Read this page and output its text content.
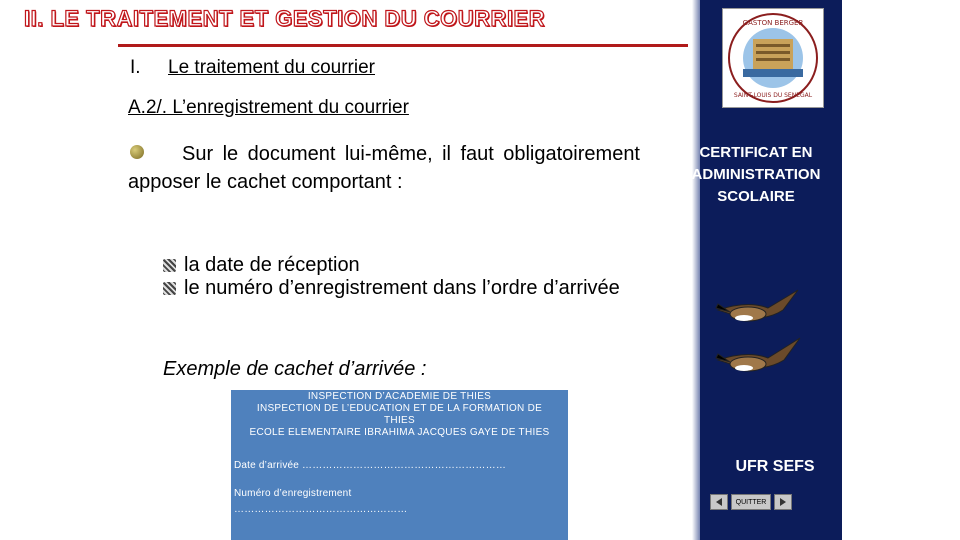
II. LE TRAITEMENT ET GESTION DU COURRIER
I. Le traitement du courrier
A.2/. L’enregistrement du courrier
Sur le document lui-même, il faut obligatoirement apposer le cachet comportant :
la date de réception
le numéro d’enregistrement dans l’ordre d’arrivée
Exemple de cachet d’arrivée :
INSPECTION D’ACADEMIE DE THIES
INSPECTION DE L’EDUCATION ET DE LA FORMATION DE THIES
ECOLE ELEMENTAIRE IBRAHIMA JACQUES GAYE DE THIES
Date d’arrivée ……………………………………………………
Numéro d’enregistrement
……………………………………………
GASTON BERGER
SAINT-LOUIS DU SENEGAL
CERTIFICAT EN ADMINISTRATION SCOLAIRE
UFR SEFS
QUITTER
